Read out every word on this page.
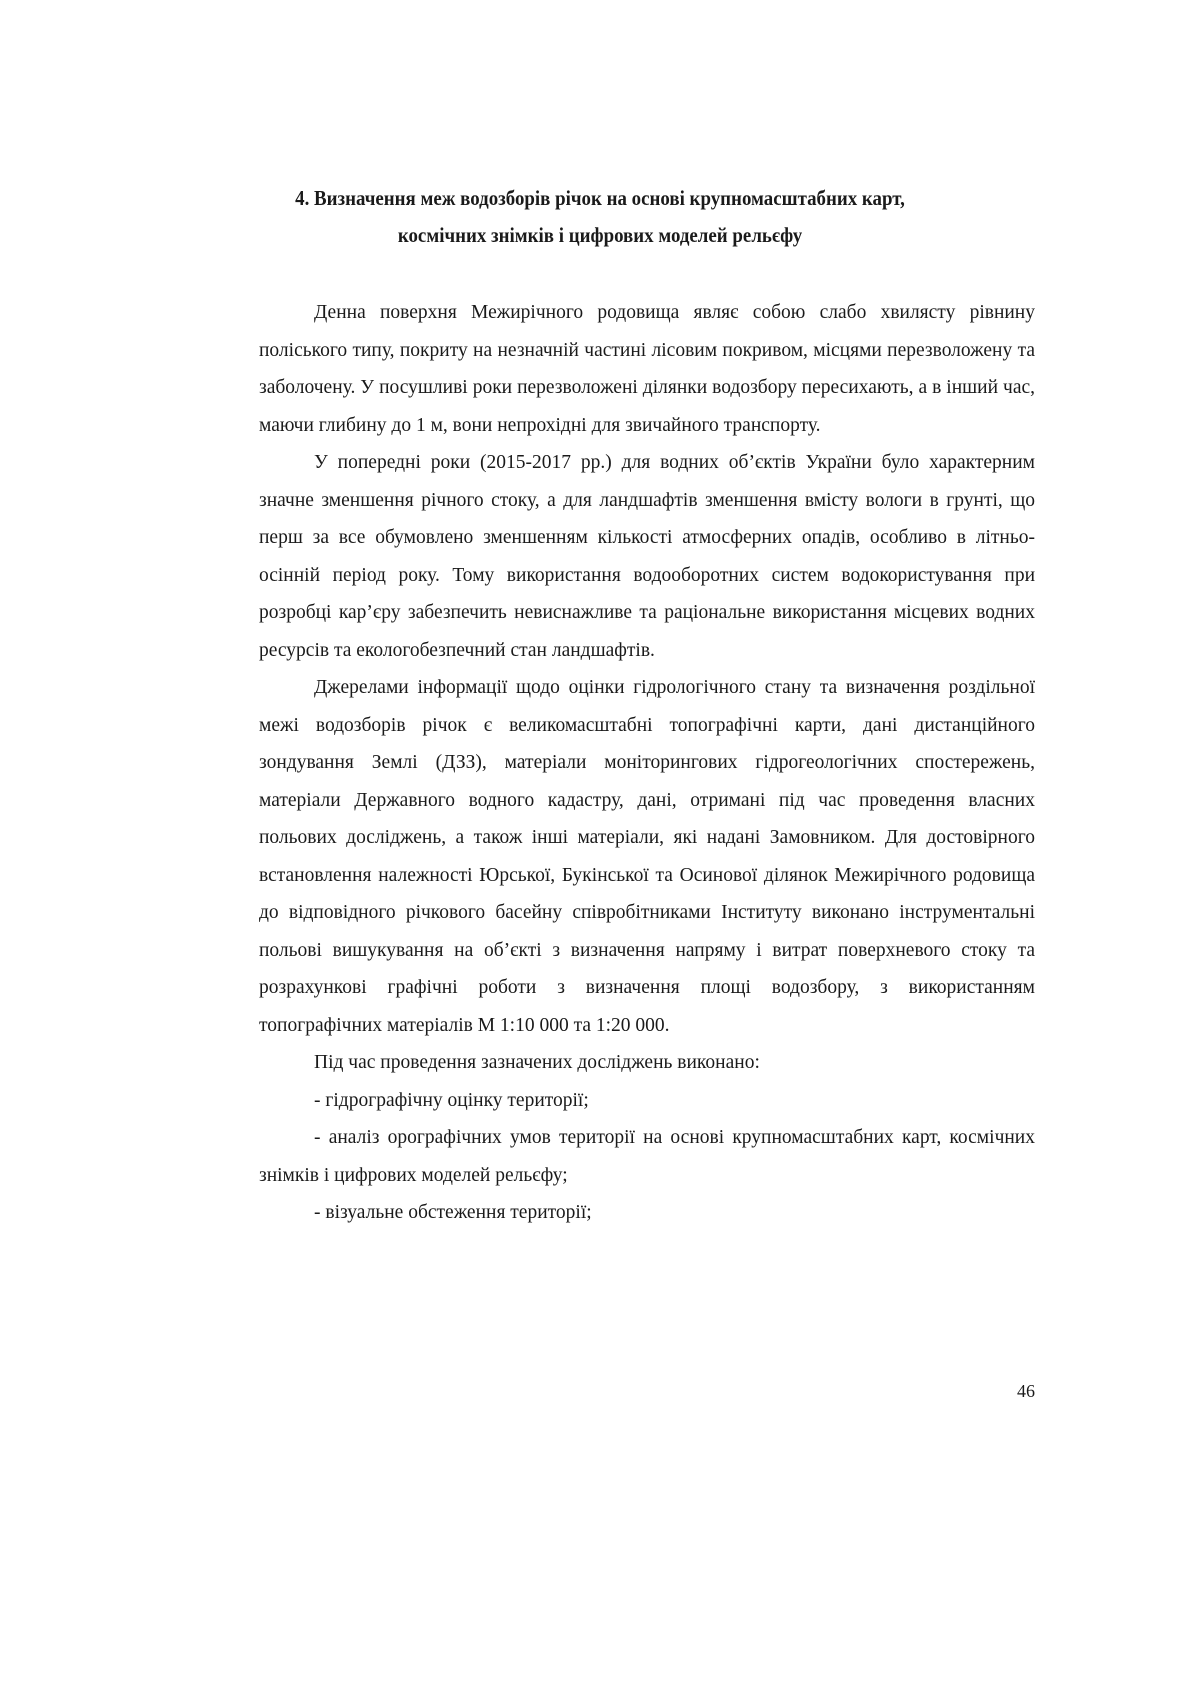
4. Визначення меж водозборів річок на основі крупномасштабних карт,
космічних знімків і цифрових моделей рельєфу

Денна поверхня Межирічного родовища являє собою слабо хвилясту рівнину поліського типу, покриту на незначній частині лісовим покривом, місцями перезволожену та заболочену. У посушливі роки перезволожені ділянки водозбору пересихають, а в інший час, маючи глибину до 1 м, вони непрохідні для звичайного транспорту.

У попередні роки (2015-2017 рр.) для водних об’єктів України було характерним значне зменшення річного стоку, а для ландшафтів зменшення вмісту вологи в грунті, що перш за все обумовлено зменшенням кількості атмосферних опадів, особливо в літньо-осінній період року. Тому використання водооборотних систем водокористування при розробці кар’єру забезпечить невиснажливе та раціональне використання місцевих водних ресурсів та екологобезпечний стан ландшафтів.

Джерелами інформації щодо оцінки гідрологічного стану та визначення роздільної межі водозборів річок є великомасштабні топографічні карти, дані дистанційного зондування Землі (ДЗЗ), матеріали моніторингових гідрогеологічних спостережень, матеріали Державного водного кадастру, дані, отримані під час проведення власних польових досліджень, а також інші матеріали, які надані Замовником. Для достовірного встановлення належності Юрської, Букінської та Осинової ділянок Межирічного родовища до відповідного річкового басейну співробітниками Інституту виконано інструментальні польові вишукування на об’єкті з визначення напряму і витрат поверхневого стоку та розрахункові графічні роботи з визначення площі водозбору, з використанням топографічних матеріалів М 1:10 000 та 1:20 000.

Під час проведення зазначених досліджень виконано:

- гідрографічну оцінку території;

- аналіз орографічних умов території на основі крупномасштабних карт, космічних знімків і цифрових моделей рельєфу;

- візуальне обстеження території;

46
